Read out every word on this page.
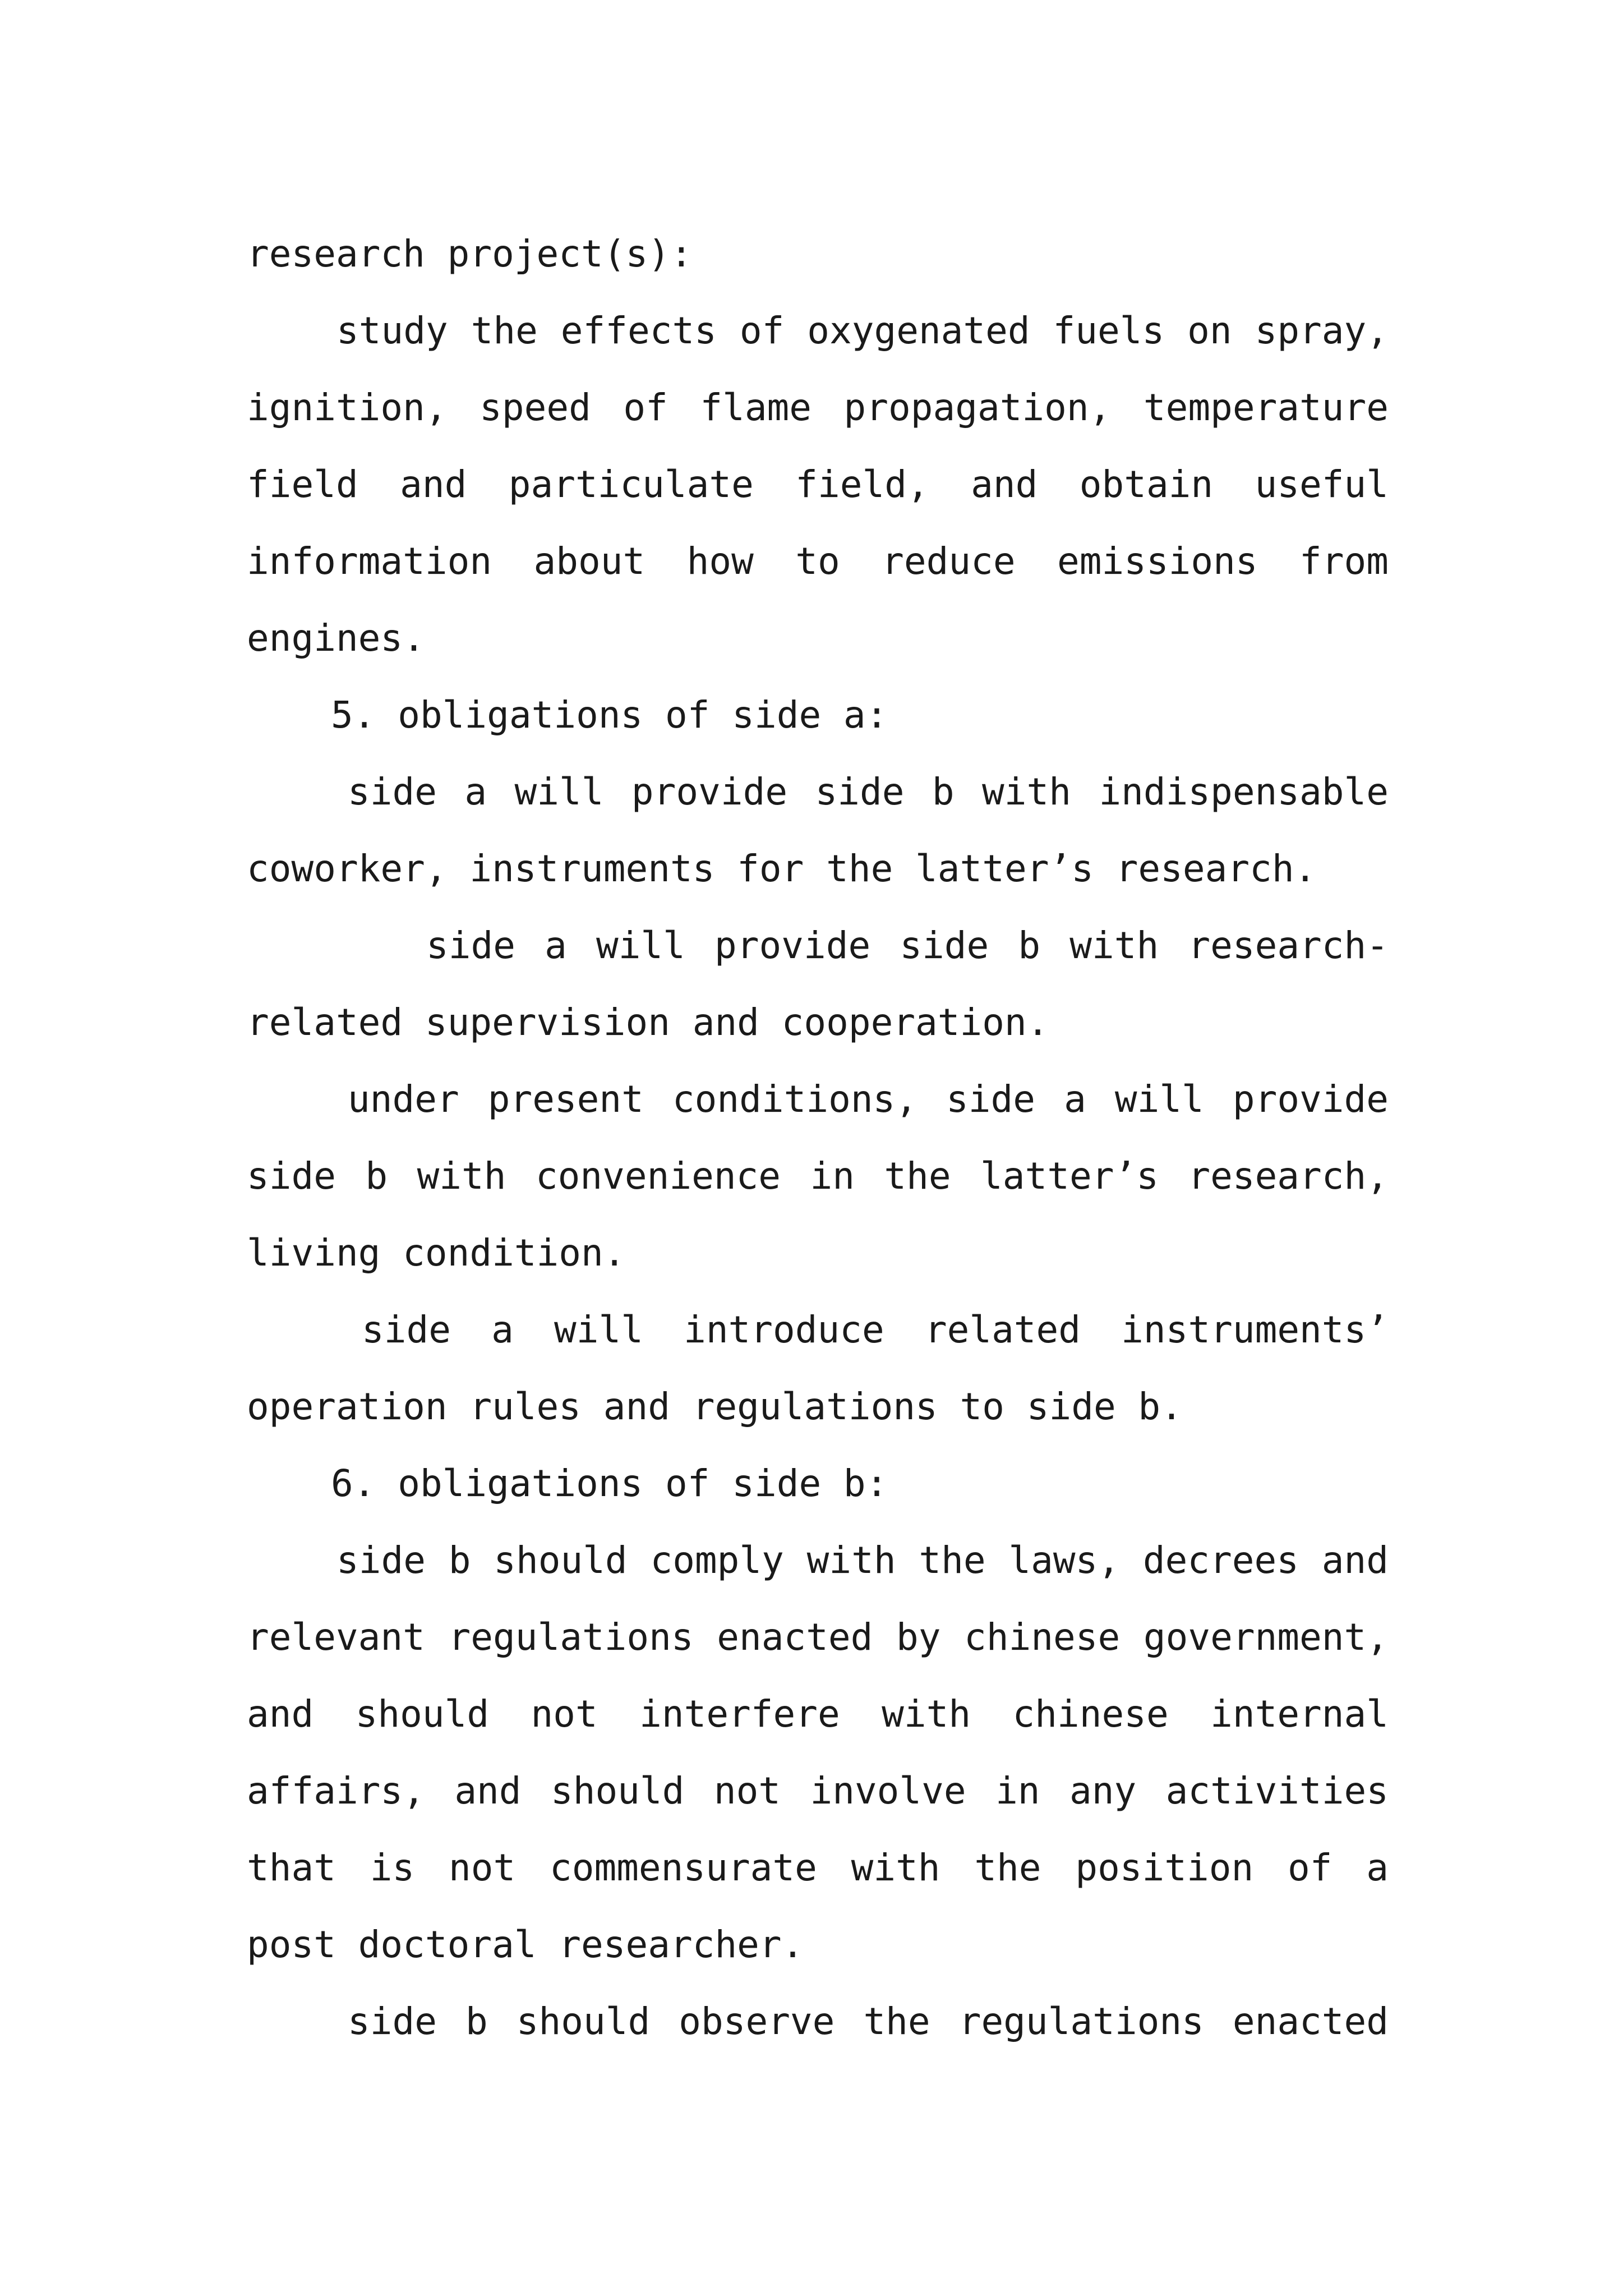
research project(s):

study the effects of oxygenated fuels on spray, ignition, speed of flame propagation, temperature field and particulate field, and obtain useful information about how to reduce emissions from engines.

5. obligations of side a:

side a will provide side b with indispensable coworker, instruments for the latter’s research.

side a will provide side b with research-related supervision and cooperation.

under present conditions, side a will provide side b with convenience in the latter’s research, living condition.

side a will introduce related instruments’ operation rules and regulations to side b.

6. obligations of side b:

side b should comply with the laws, decrees and relevant regulations enacted by chinese government, and should not interfere with chinese internal affairs, and should not involve in any activities that is not commensurate with the position of a post doctoral researcher.

side b should observe the regulations enacted
